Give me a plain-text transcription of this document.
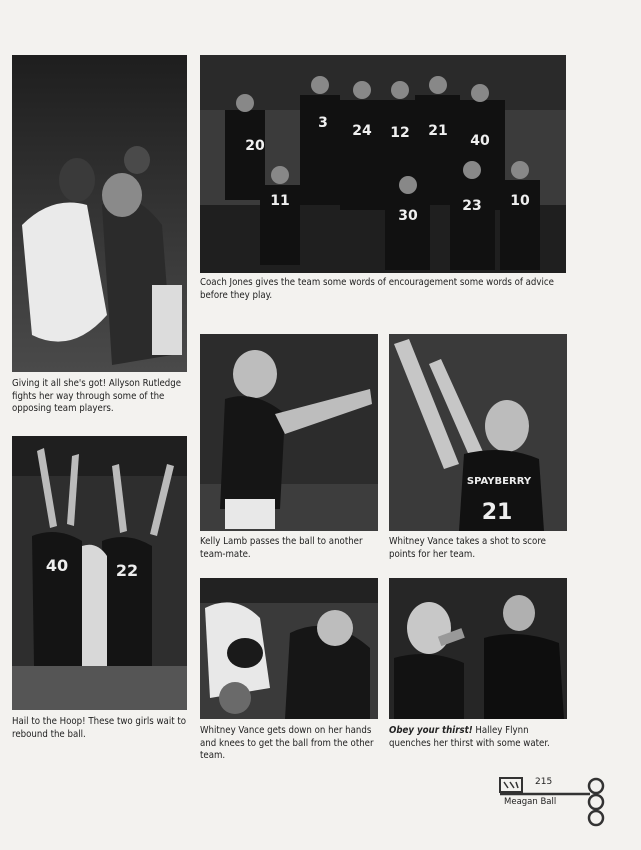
20
3 24 12 21
40
11
30
23 10
Coach Jones gives the team some words of encouragement some words of advice before they play.
Giving it all she's got! Allyson Rutledge fights her way through some of the opposing team players.
SPAYBERRY
21
Kelly Lamb passes the ball to another team-mate.
Whitney Vance takes a shot to score points for her team.
40	22
Hail to the Hoop! These two girls wait to rebound the ball.	Whitney Vance gets down on her hands and knees to get the ball from the other team.
Obey your thirst! Halley Flynn quenches her thirst with some water.
215
Meagan Ball
